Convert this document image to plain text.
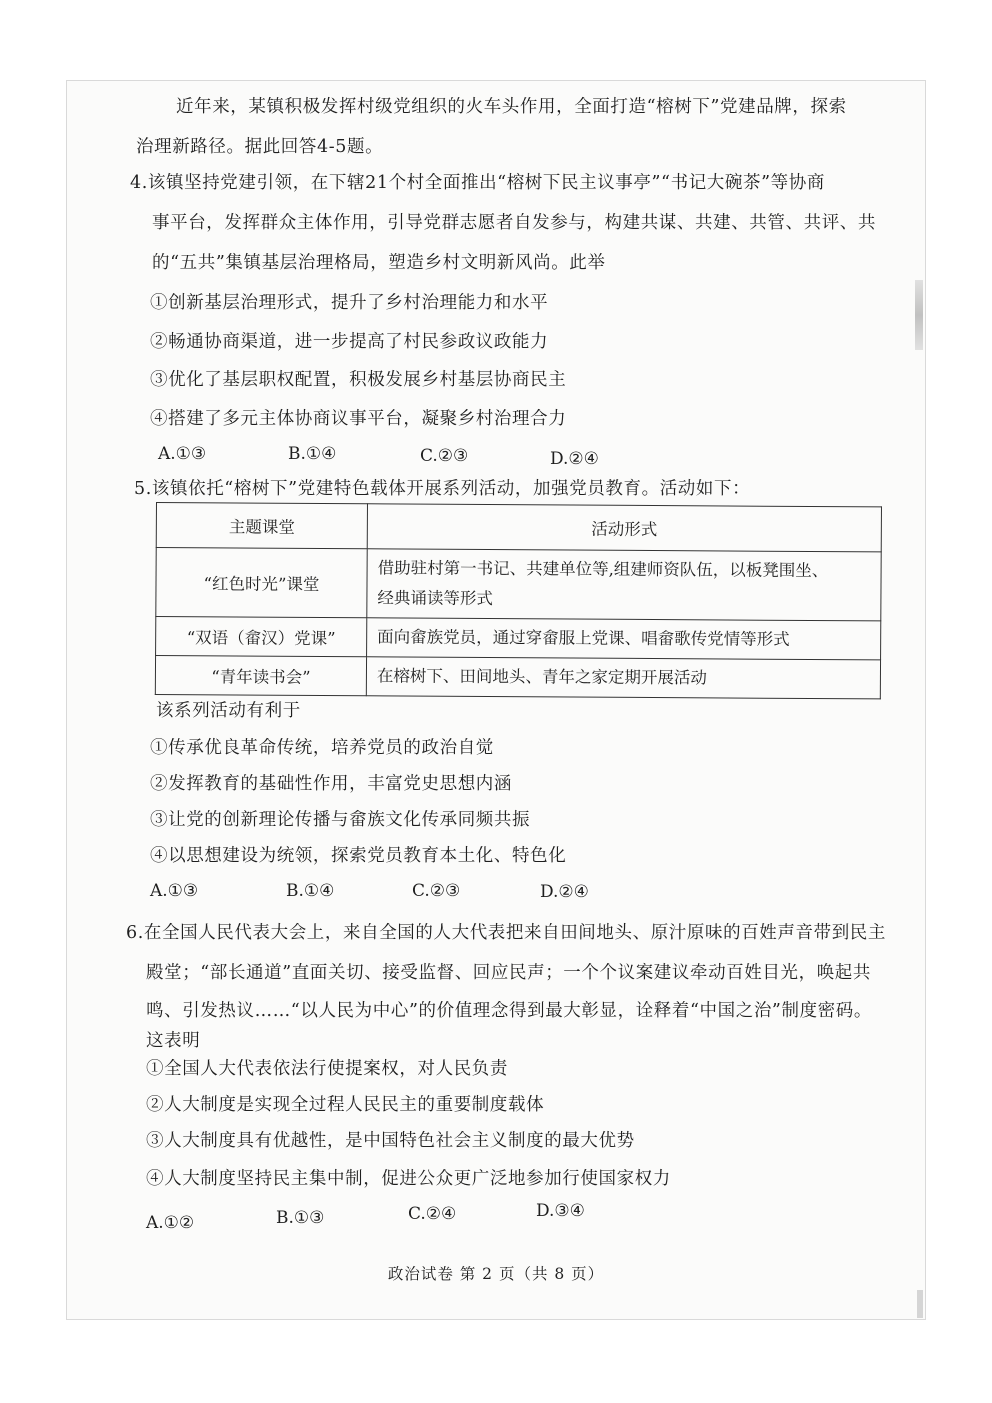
近年来，某镇积极发挥村级党组织的火车头作用，全面打造“榕树下”党建品牌，探索
治理新路径。据此回答4-5题。
4.该镇坚持党建引领，在下辖21个村全面推出“榕树下民主议事亭”“书记大碗茶”等协商
事平台，发挥群众主体作用，引导党群志愿者自发参与，构建共谋、共建、共管、共评、共
的“五共”集镇基层治理格局，塑造乡村文明新风尚。此举
①创新基层治理形式，提升了乡村治理能力和水平
②畅通协商渠道，进一步提高了村民参政议政能力
③优化了基层职权配置，积极发展乡村基层协商民主
④搭建了多元主体协商议事平台，凝聚乡村治理合力
A.①③	B.①④	C.②③	D.②④
5.该镇依托“榕树下”党建特色载体开展系列活动，加强党员教育。活动如下：
主题课堂	活动形式
“红色时光”课堂	借助驻村第一书记、共建单位等,组建师资队伍，以板凳围坐、
经典诵读等形式

“双语（畲汉）党课”	面向畲族党员，通过穿畲服上党课、唱畲歌传党情等形式
“青年读书会”	在榕树下、田间地头、青年之家定期开展活动
该系列活动有利于
①传承优良革命传统，培养党员的政治自觉
②发挥教育的基础性作用，丰富党史思想内涵
③让党的创新理论传播与畲族文化传承同频共振
④以思想建设为统领，探索党员教育本土化、特色化
A.①③	B.①④	C.②③	D.②④
6.在全国人民代表大会上，来自全国的人大代表把来自田间地头、原汁原味的百姓声音带到民主
殿堂；“部长通道”直面关切、接受监督、回应民声；一个个议案建议牵动百姓目光，唤起共
鸣、引发热议……“以人民为中心”的价值理念得到最大彰显，诠释着“中国之治”制度密码。
这表明
①全国人大代表依法行使提案权，对人民负责
②人大制度是实现全过程人民民主的重要制度载体
③人大制度具有优越性，是中国特色社会主义制度的最大优势
④人大制度坚持民主集中制，促进公众更广泛地参加行使国家权力
A.①②	B.①③	C.②④	D.③④
政治试卷 第 2 页（共 8 页）
